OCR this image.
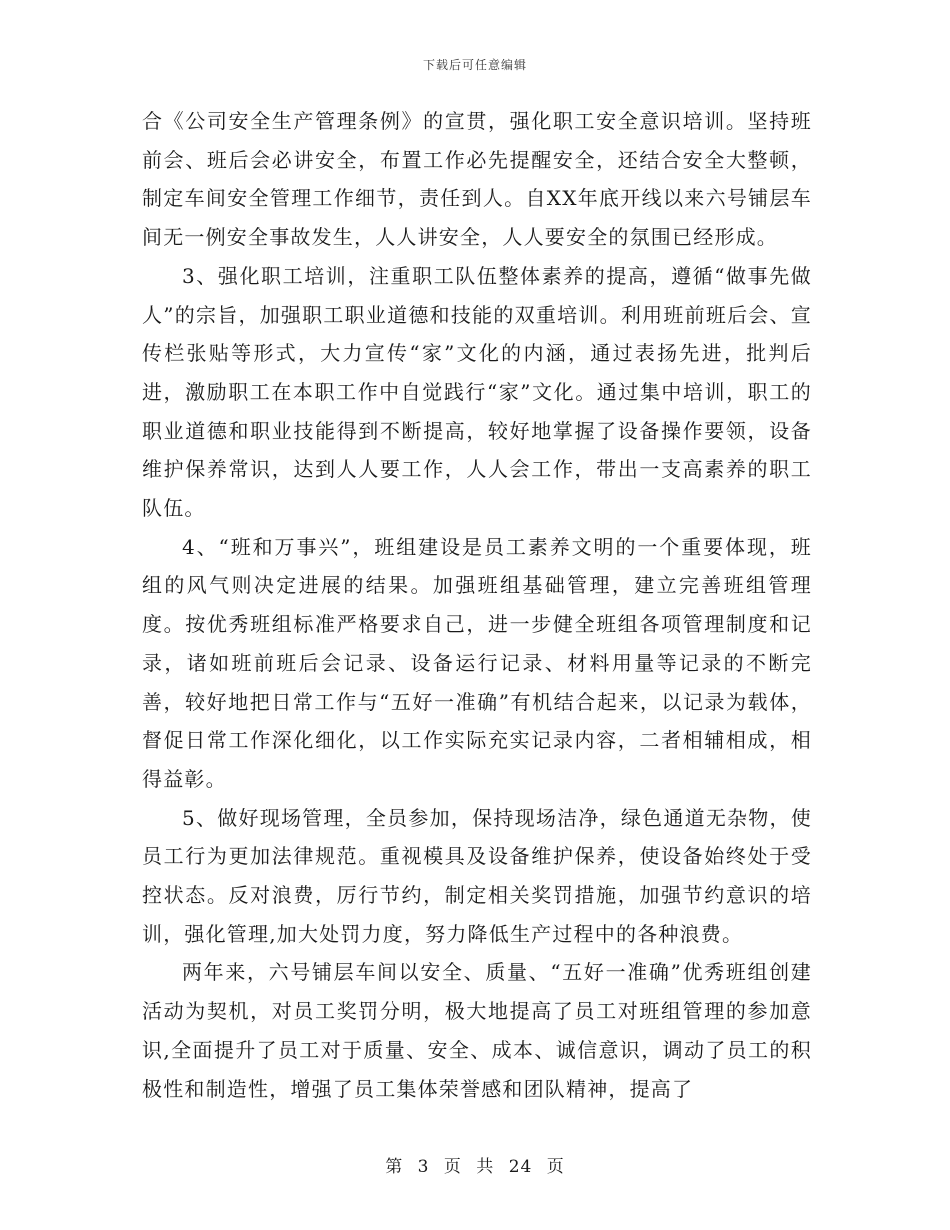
下载后可任意编辑

合《公司安全生产管理条例》的宣贯，强化职工安全意识培训。坚持班前会、班后会必讲安全，布置工作必先提醒安全，还结合安全大整顿，制定车间安全管理工作细节，责任到人。自XX年底开线以来六号铺层车间无一例安全事故发生，人人讲安全，人人要安全的氛围已经形成。

3、强化职工培训，注重职工队伍整体素养的提高，遵循“做事先做人”的宗旨，加强职工职业道德和技能的双重培训。利用班前班后会、宣传栏张贴等形式，大力宣传“家”文化的内涵，通过表扬先进，批判后进，激励职工在本职工作中自觉践行“家”文化。通过集中培训，职工的职业道德和职业技能得到不断提高，较好地掌握了设备操作要领，设备维护保养常识，达到人人要工作，人人会工作，带出一支高素养的职工队伍。

4、“班和万事兴”，班组建设是员工素养文明的一个重要体现，班组的风气则决定进展的结果。加强班组基础管理，建立完善班组管理度。按优秀班组标准严格要求自己，进一步健全班组各项管理制度和记录，诸如班前班后会记录、设备运行记录、材料用量等记录的不断完善，较好地把日常工作与“五好一准确”有机结合起来，以记录为载体，督促日常工作深化细化，以工作实际充实记录内容，二者相辅相成，相得益彰。

5、做好现场管理，全员参加，保持现场洁净，绿色通道无杂物，使员工行为更加法律规范。重视模具及设备维护保养，使设备始终处于受控状态。反对浪费，厉行节约，制定相关奖罚措施，加强节约意识的培训，强化管理,加大处罚力度，努力降低生产过程中的各种浪费。

两年来，六号铺层车间以安全、质量、“五好一准确”优秀班组创建活动为契机，对员工奖罚分明，极大地提高了员工对班组管理的参加意识,全面提升了员工对于质量、安全、成本、诚信意识，调动了员工的积极性和制造性，增强了员工集体荣誉感和团队精神，提高了

第 3 页 共 24 页
